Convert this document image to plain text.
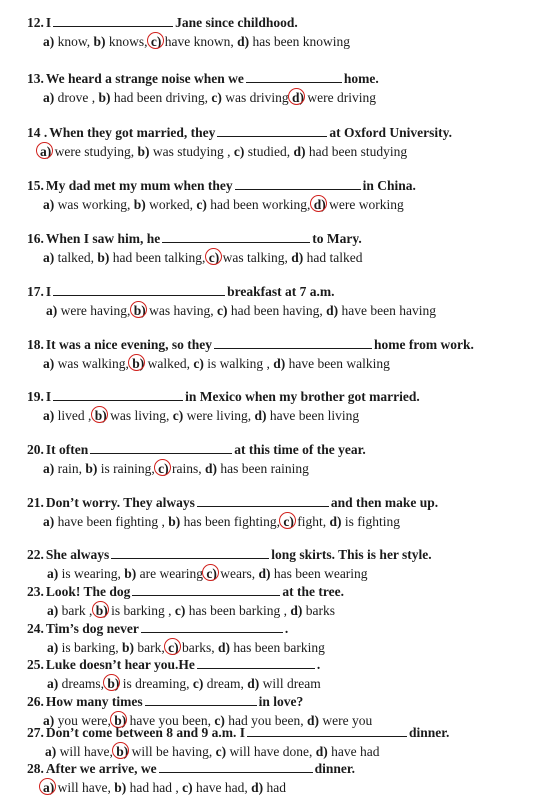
12. I	Jane since childhood.
a) know, b) knows, c) have known, d) has been knowing
13. We heard a strange noise when we	home.
a) drove , b) had been driving, c) was driving d) were driving
14 . When they got married, they	at Oxford University.
a) were studying, b) was studying , c) studied, d) had been studying
15. My dad met my mum when they	in China.
a) was working, b) worked, c) had been working, d) were working
16. When I saw him, he	to Mary.
a) talked, b) had been talking, c) was talking, d) had talked
17. I	breakfast at 7 a.m.
a) were having, b) was having, c) had been having, d) have been having
18. It was a nice evening, so they	home from work.
a) was walking, b) walked, c) is walking , d) have been walking
19. I	in Mexico when my brother got married.
a) lived , b) was living, c) were living, d) have been living
20. It often	at this time of the year.
a) rain, b) is raining, c) rains, d) has been raining
21. Don’t worry. They always	and then make up.
a) have been fighting , b) has been fighting, c) fight, d) is fighting
22. She always	long skirts. This is her style.
a) is wearing, b) are wearing c) wears, d) has been wearing
23. Look! The dog	at the tree.
a) bark , b) is barking , c) has been barking , d) barks
24. Tim’s dog never	.
a) is barking, b) bark, c) barks, d) has been barking
25. Luke doesn’t hear you.He	.
a) dreams, b) is dreaming, c) dream, d) will dream
26. How many times	in love?
a) you were, b) have you been, c) had you been, d) were you
27. Don’t come between 8 and 9 a.m. I	dinner.
a) will have, b) will be having, c) will have done, d) have had
28. After we arrive, we	dinner.
a) will have, b) had had , c) have had, d) had
